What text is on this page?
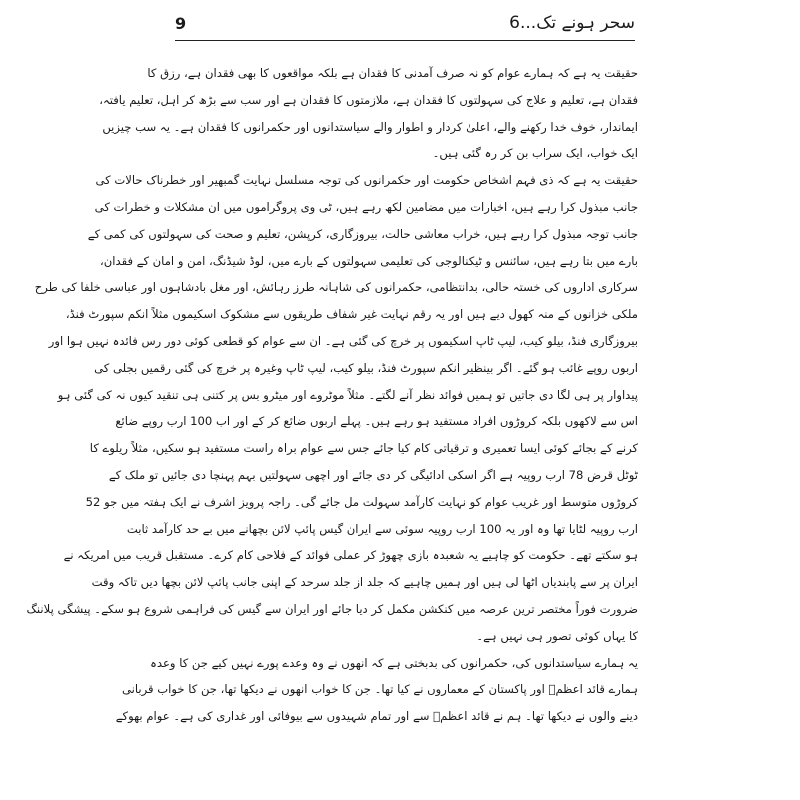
9	سحر ہونے تک...6
حقیقت یہ ہے کہ ہمارے عوام کو نہ صرف آمدنی کا فقدان ہے بلکہ مواقعوں کا بھی فقدان ہے، رزق کا
فقدان ہے، تعلیم و علاج کی سہولتوں کا فقدان ہے، ملازمتوں کا فقدان ہے اور سب سے بڑھ کر اہل، تعلیم یافتہ،
ایماندار، خوف خدا رکھنے والے، اعلیٰ کردار و اطوار والے سیاستدانوں اور حکمرانوں کا فقدان ہے۔ یہ سب چیزیں
ایک خواب، ایک سراب بن کر رہ گئی ہیں۔
حقیقت یہ ہے کہ ذی فہم اشخاص حکومت اور حکمرانوں کی توجہ مسلسل نہایت گمبھیر اور خطرناک حالات کی
جانب مبذول کرا رہے ہیں، اخبارات میں مضامین لکھ رہے ہیں، ٹی وی پروگراموں میں ان مشکلات و خطرات کی
جانب توجہ مبذول کرا رہے ہیں، خراب معاشی حالت، بیروزگاری، کرپشن، تعلیم و صحت کی سہولتوں کی کمی کے
بارے میں بتا رہے ہیں، سائنس و ٹیکنالوجی کی تعلیمی سہولتوں کے بارے میں، لوڈ شیڈنگ، امن و امان کے فقدان،
سرکاری اداروں کی خستہ حالی، بدانتظامی، حکمرانوں کی شاہانہ طرز رہائش، اور مغل بادشاہوں اور عباسی خلفا کی طرح
ملکی خزانوں کے منہ کھول دیے ہیں اور یہ رقم نہایت غیر شفاف طریقوں سے مشکوک اسکیموں مثلاً انکم سپورٹ فنڈ،
بیروزگاری فنڈ، بیلو کیب، لیپ ٹاپ اسکیموں پر خرچ کی گئی ہے۔ ان سے عوام کو قطعی کوئی دور رس فائدہ نہیں ہوا اور
اربوں روپے غائب ہو گئے۔ اگر بینظیر انکم سپورٹ فنڈ، بیلو کیب، لیپ ٹاپ وغیرہ پر خرچ کی گئی رقمیں بجلی کی
پیداوار پر ہی لگا دی جاتیں تو ہمیں فوائد نظر آنے لگتے۔ مثلاً موٹروے اور میٹرو بس پر کتنی ہی تنقید کیوں نہ کی گئی ہو
اس سے لاکھوں بلکہ کروڑوں افراد مستفید ہو رہے ہیں۔ پہلے اربوں ضائع کر کے اور اب 100 ارب روپے ضائع
کرنے کے بجائے کوئی ایسا تعمیری و ترقیاتی کام کیا جائے جس سے عوام براہ راست مستفید ہو سکیں، مثلاً ریلوے کا
ٹوٹل قرض 78 ارب روپیہ ہے اگر اسکی ادائیگی کر دی جائے اور اچھی سہولتیں بہم پہنچا دی جائیں تو ملک کے
کروڑوں متوسط اور غریب عوام کو نہایت کارآمد سہولت مل جائے گی۔ راجہ پرویز اشرف نے ایک ہفتہ میں جو 52
ارب روپیہ لٹایا تھا وہ اور یہ 100 ارب روپیہ سوئی سے ایران گیس پائپ لائن بچھانے میں بے حد کارآمد ثابت
ہو سکتے تھے۔ حکومت کو چاہیے یہ شعبدہ بازی چھوڑ کر عملی فوائد کے فلاحی کام کرے۔ مستقبل قریب میں امریکہ نے
ایران پر سے پابندیاں اٹھا لی ہیں اور ہمیں چاہیے کہ جلد از جلد سرحد کے اپنی جانب پائپ لائن بچھا دیں تاکہ وقت
ضرورت فوراً مختصر ترین عرصہ میں کنکشن مکمل کر دیا جائے اور ایران سے گیس کی فراہمی شروع ہو سکے۔ پیشگی پلاننگ
کا یہاں کوئی تصور ہی نہیں ہے۔
یہ ہمارے سیاستدانوں کی، حکمرانوں کی بدبختی ہے کہ انھوں نے وہ وعدے پورے نہیں کیے جن کا وعدہ
ہمارے قائد اعظمؒ اور پاکستان کے معماروں نے کیا تھا۔ جن کا خواب انھوں نے دیکھا تھا، جن کا خواب قربانی
دینے والوں نے دیکھا تھا۔ ہم نے قائد اعظمؒ سے اور تمام شہیدوں سے بیوفائی اور غداری کی ہے۔ عوام بھوکے
